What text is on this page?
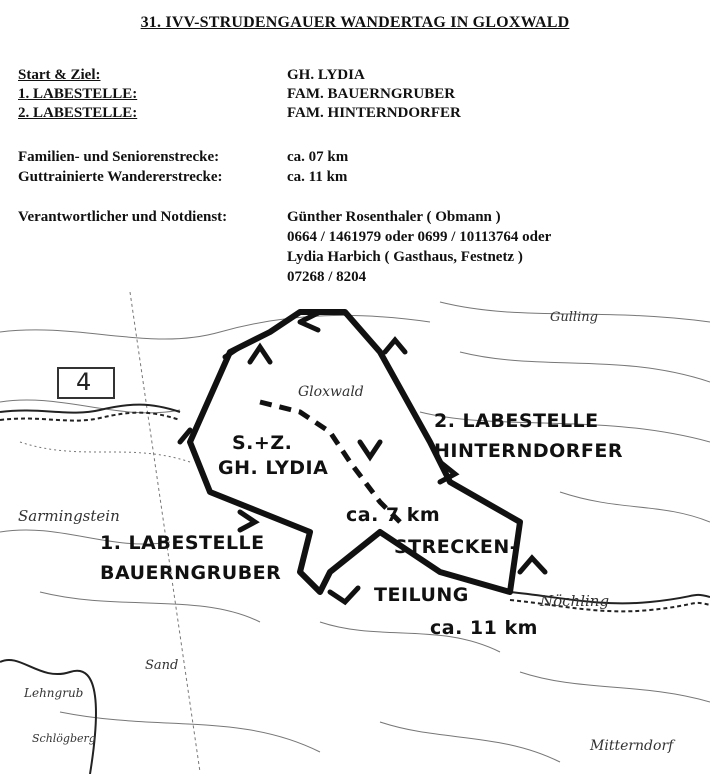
31. IVV-STRUDENGAUER WANDERTAG IN GLOXWALD
Start & Ziel:	GH. LYDIA
1. LABESTELLE:	FAM. BAUERNGRUBER
2. LABESTELLE:	FAM. HINTERNDORFER
Familien- und Seniorenstrecke:	ca. 07 km
Guttrainierte Wandererstrecke:	ca. 11 km
Verantwortlicher und Notdienst:	Günther Rosenthaler ( Obmann )
0664 / 1461979 oder 0699 / 10113764 oder
Lydia Harbich ( Gasthaus, Festnetz )
07268 / 8204
4	Gloxwald
Sarmingstein
Nöchling
Mitterndorf
Sand
Schlögberg
Gulling
Lehngrub
S.+Z.
GH. LYDIA
1. LABESTELLE
BAUERNGRUBER
2. LABESTELLE
HINTERNDORFER
STRECKEN-
TEILUNG
ca. 7 km
ca. 11 km
